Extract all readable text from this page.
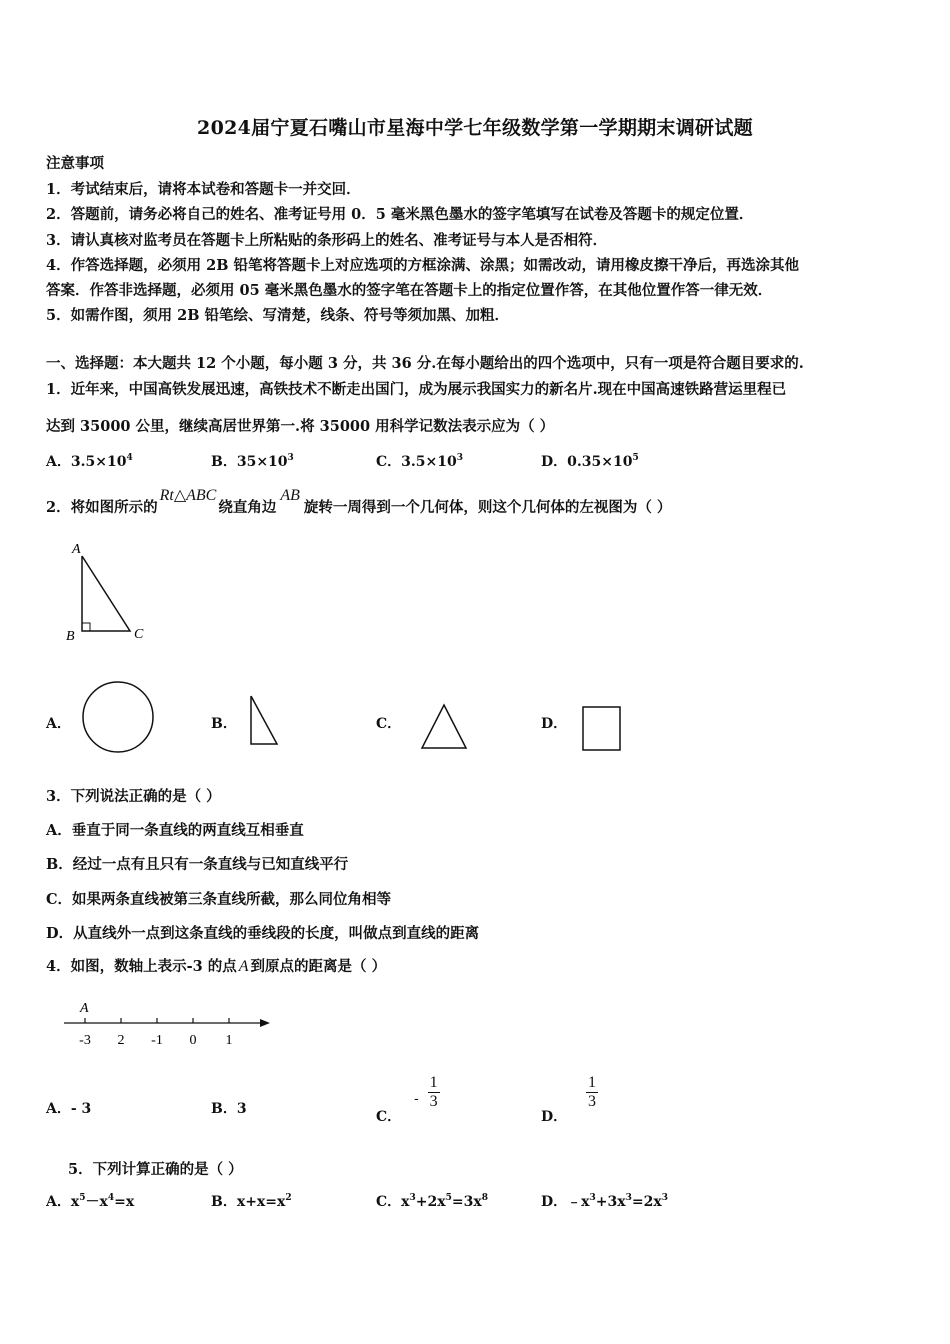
2024届宁夏石嘴山市星海中学七年级数学第一学期期末调研试题
注意事项
1．考试结束后，请将本试卷和答题卡一并交回．
2．答题前，请务必将自己的姓名、准考证号用 0．5 毫米黑色墨水的签字笔填写在试卷及答题卡的规定位置．
3．请认真核对监考员在答题卡上所粘贴的条形码上的姓名、准考证号与本人是否相符．
4．作答选择题，必须用 2B 铅笔将答题卡上对应选项的方框涂满、涂黑；如需改动，请用橡皮擦干净后，再选涂其他
答案．作答非选择题，必须用 05 毫米黑色墨水的签字笔在答题卡上的指定位置作答，在其他位置作答一律无效．
5．如需作图，须用 2B 铅笔绘、写清楚，线条、符号等须加黑、加粗．
一、选择题：本大题共 12 个小题，每小题 3 分，共 36 分.在每小题给出的四个选项中，只有一项是符合题目要求的.
1．近年来，中国高铁发展迅速，高铁技术不断走出国门，成为展示我国实力的新名片.现在中国高速铁路营运里程已
达到 35000 公里，继续高居世界第一.将 35000 用科学记数法表示应为（ ）
A．$3.5\times 10^4$	B．$35\times 10^3$	C．$3.5\times 10^3$	D．$0.35\times 10^5$
2．将如图所示的Rt△ABC绕直角边AB旋转一周得到一个几何体，则这个几何体的左视图为（ ）
A
B	C
A．	B．	C．	D．
3．下列说法正确的是（ ）
A．垂直于同一条直线的两直线互相垂直
B．经过一点有且只有一条直线与已知直线平行
C．如果两条直线被第三条直线所截，那么同位角相等
D．从直线外一点到这条直线的垂线段的长度，叫做点到直线的距离
4．如图，数轴上表示-3 的点 A 到原点的距离是（ ）
-3 2 -1 0 1
A
A．- 3	B．3	C． - $\frac{1}{3}$
D．
$\frac{1}{3}$
5．下列计算正确的是（ ）
A．$x^5-x^4=x$	B．$x+x=x^2$	C．$x^3+2x^5=3x^8$	D．$﹣x^3+3x^3=2x^3$
